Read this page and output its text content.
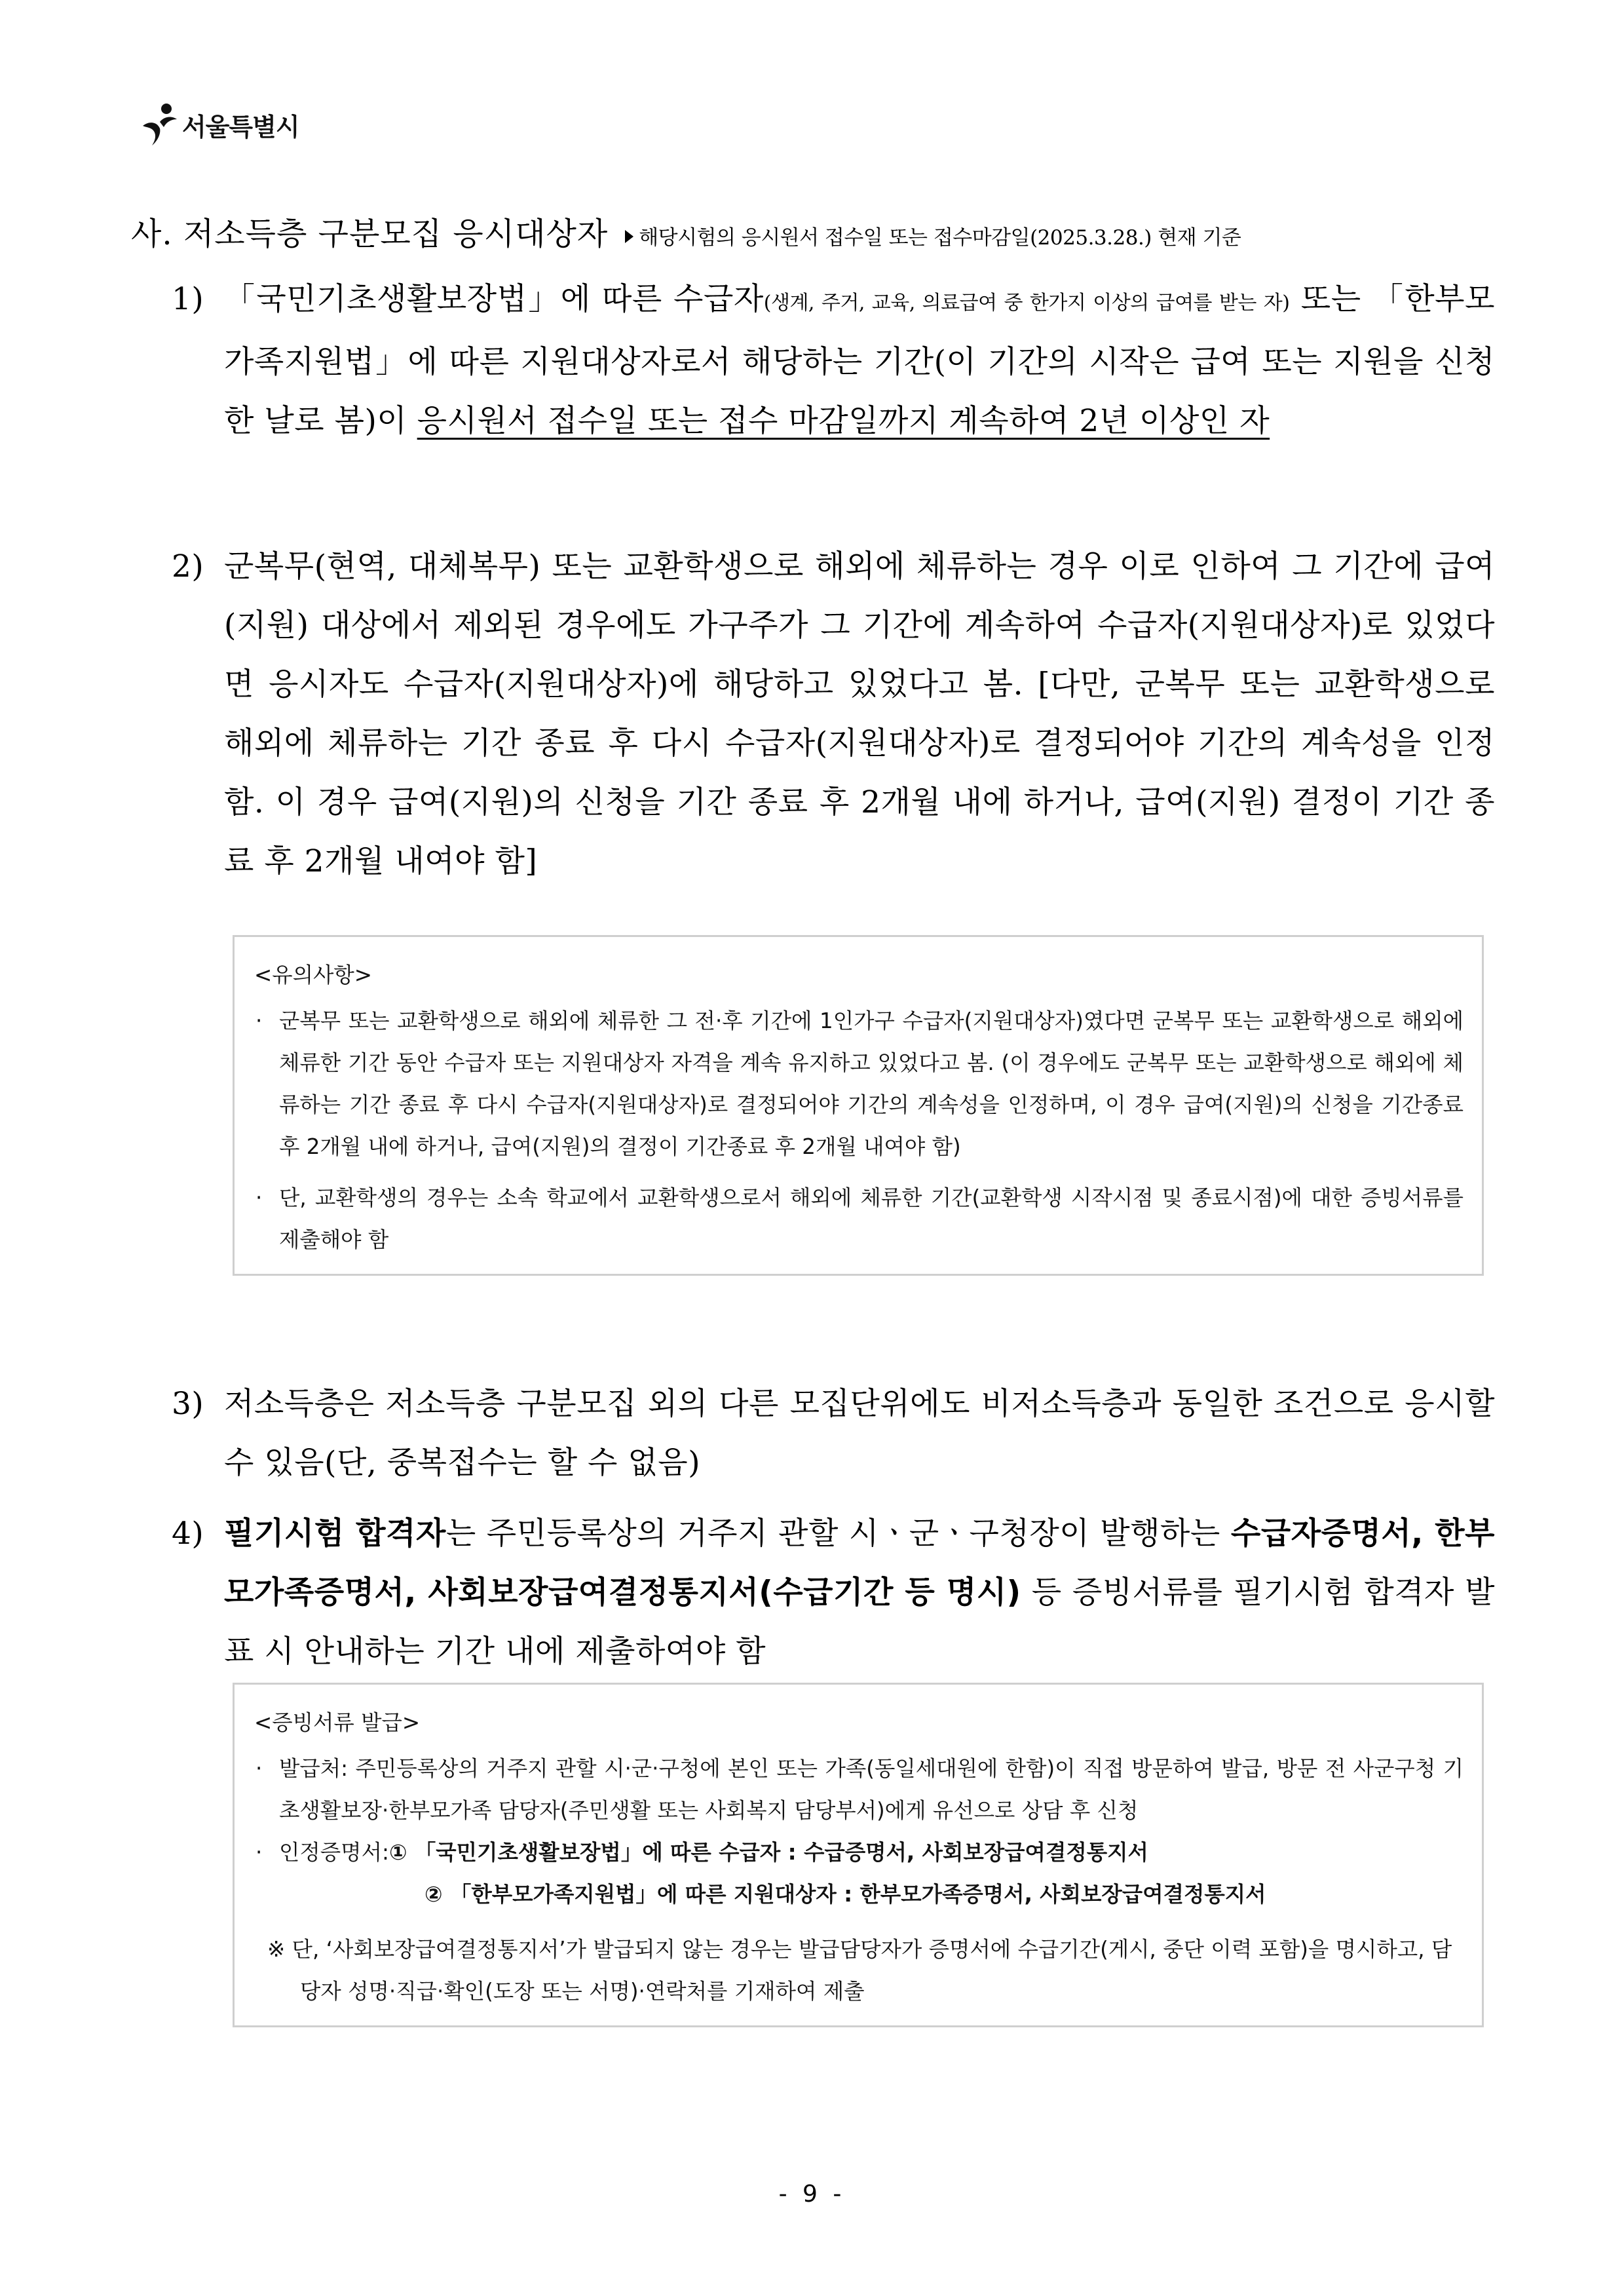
서울특별시
사. 저소득층 구분모집 응시대상자	해당시험의 응시원서 접수일 또는 접수마감일(2025.3.28.) 현재 기준
1) 「국민기초생활보장법」에 따른 수급자(생계, 주거, 교육, 의료급여 중 한가지 이상의 급여를 받는 자) 또는 「한부모가족지원법」에 따른 지원대상자로서 해당하는 기간(이 기간의 시작은 급여 또는 지원을 신청한 날로 봄)이 응시원서 접수일 또는 접수 마감일까지 계속하여 2년 이상인 자
2) 군복무(현역, 대체복무) 또는 교환학생으로 해외에 체류하는 경우 이로 인하여 그 기간에 급여(지원) 대상에서 제외된 경우에도 가구주가 그 기간에 계속하여 수급자(지원대상자)로 있었다면 응시자도 수급자(지원대상자)에 해당하고 있었다고 봄. [다만, 군복무 또는 교환학생으로 해외에 체류하는 기간 종료 후 다시 수급자(지원대상자)로 결정되어야 기간의 계속성을 인정함. 이 경우 급여(지원)의 신청을 기간 종료 후 2개월 내에 하거나, 급여(지원) 결정이 기간 종료 후 2개월 내여야 함]
<유의사항>
· 군복무 또는 교환학생으로 해외에 체류한 그 전·후 기간에 1인가구 수급자(지원대상자)였다면 군복무 또는 교환학생으로 해외에 체류한 기간 동안 수급자 또는 지원대상자 자격을 계속 유지하고 있었다고 봄. (이 경우에도 군복무 또는 교환학생으로 해외에 체류하는 기간 종료 후 다시 수급자(지원대상자)로 결정되어야 기간의 계속성을 인정하며, 이 경우 급여(지원)의 신청을 기간종료 후 2개월 내에 하거나, 급여(지원)의 결정이 기간종료 후 2개월 내여야 함)
· 단, 교환학생의 경우는 소속 학교에서 교환학생으로서 해외에 체류한 기간(교환학생 시작시점 및 종료시점)에 대한 증빙서류를 제출해야 함
3) 저소득층은 저소득층 구분모집 외의 다른 모집단위에도 비저소득층과 동일한 조건으로 응시할 수 있음(단, 중복접수는 할 수 없음)
4) 필기시험 합격자는 주민등록상의 거주지 관할 시ㆍ군ㆍ구청장이 발행하는 수급자증명서, 한부모가족증명서, 사회보장급여결정통지서(수급기간 등 명시) 등 증빙서류를 필기시험 합격자 발표 시 안내하는 기간 내에 제출하여야 함
<증빙서류 발급>
· 발급처: 주민등록상의 거주지 관할 시·군·구청에 본인 또는 가족(동일세대원에 한함)이 직접 방문하여 발급, 방문 전 사군구청 기초생활보장·한부모가족 담당자(주민생활 또는 사회복지 담당부서)에게 유선으로 상담 후 신청
· 인정증명서:① 「국민기초생활보장법」에 따른 수급자 : 수급증명서, 사회보장급여결정통지서
② 「한부모가족지원법」에 따른 지원대상자 : 한부모가족증명서, 사회보장급여결정통지서
※ 단, ‘사회보장급여결정통지서’가 발급되지 않는 경우는 발급담당자가 증명서에 수급기간(게시, 중단 이력 포함)을 명시하고, 담당자 성명·직급·확인(도장 또는 서명)·연락처를 기재하여 제출
- 9 -
